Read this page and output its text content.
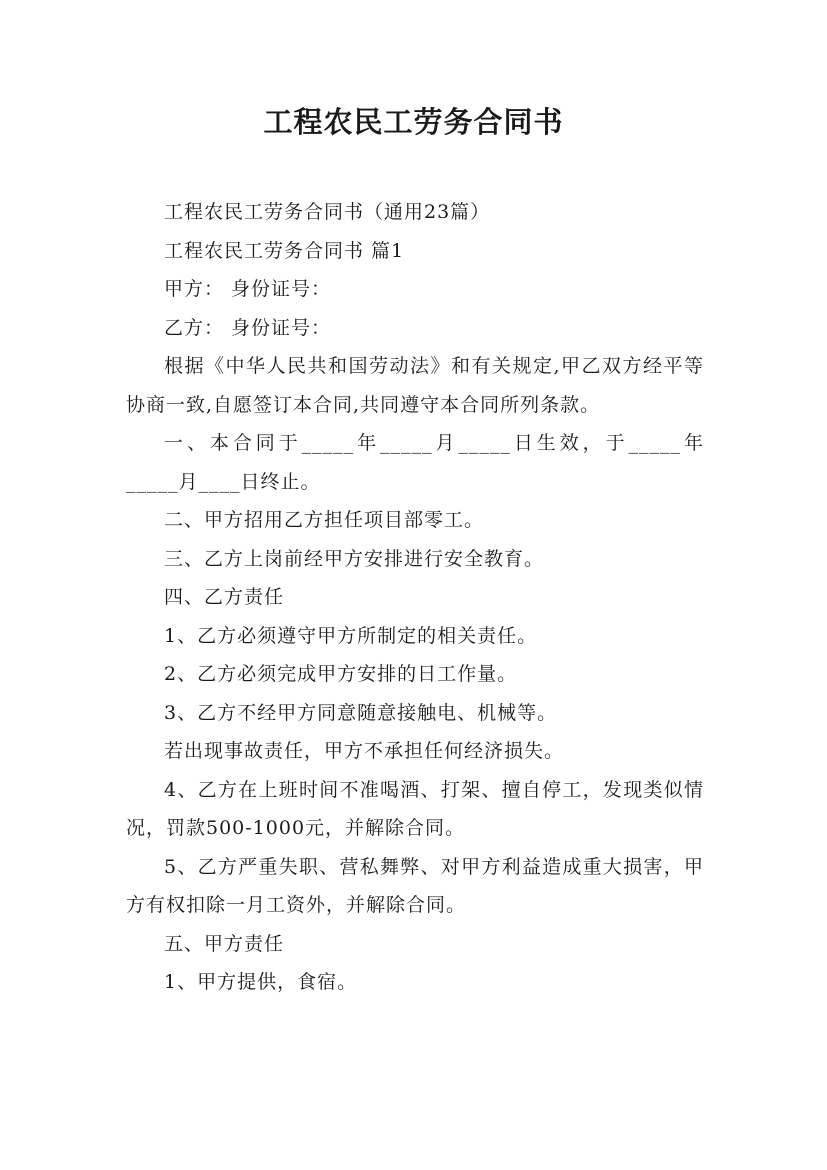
工程农民工劳务合同书

工程农民工劳务合同书（通用23篇）

工程农民工劳务合同书 篇1

甲方： 身份证号：

乙方： 身份证号：

根据《中华人民共和国劳动法》和有关规定,甲乙双方经平等协商一致,自愿签订本合同,共同遵守本合同所列条款。

一、本合同于_____年_____月_____日生效，于_____年_____月____日终止。

二、甲方招用乙方担任项目部零工。

三、乙方上岗前经甲方安排进行安全教育。

四、乙方责任

1、乙方必须遵守甲方所制定的相关责任。

2、乙方必须完成甲方安排的日工作量。

3、乙方不经甲方同意随意接触电、机械等。

若出现事故责任，甲方不承担任何经济损失。

4、乙方在上班时间不准喝酒、打架、擅自停工，发现类似情况，罚款500-1000元，并解除合同。

5、乙方严重失职、营私舞弊、对甲方利益造成重大损害，甲方有权扣除一月工资外，并解除合同。

五、甲方责任

1、甲方提供，食宿。
